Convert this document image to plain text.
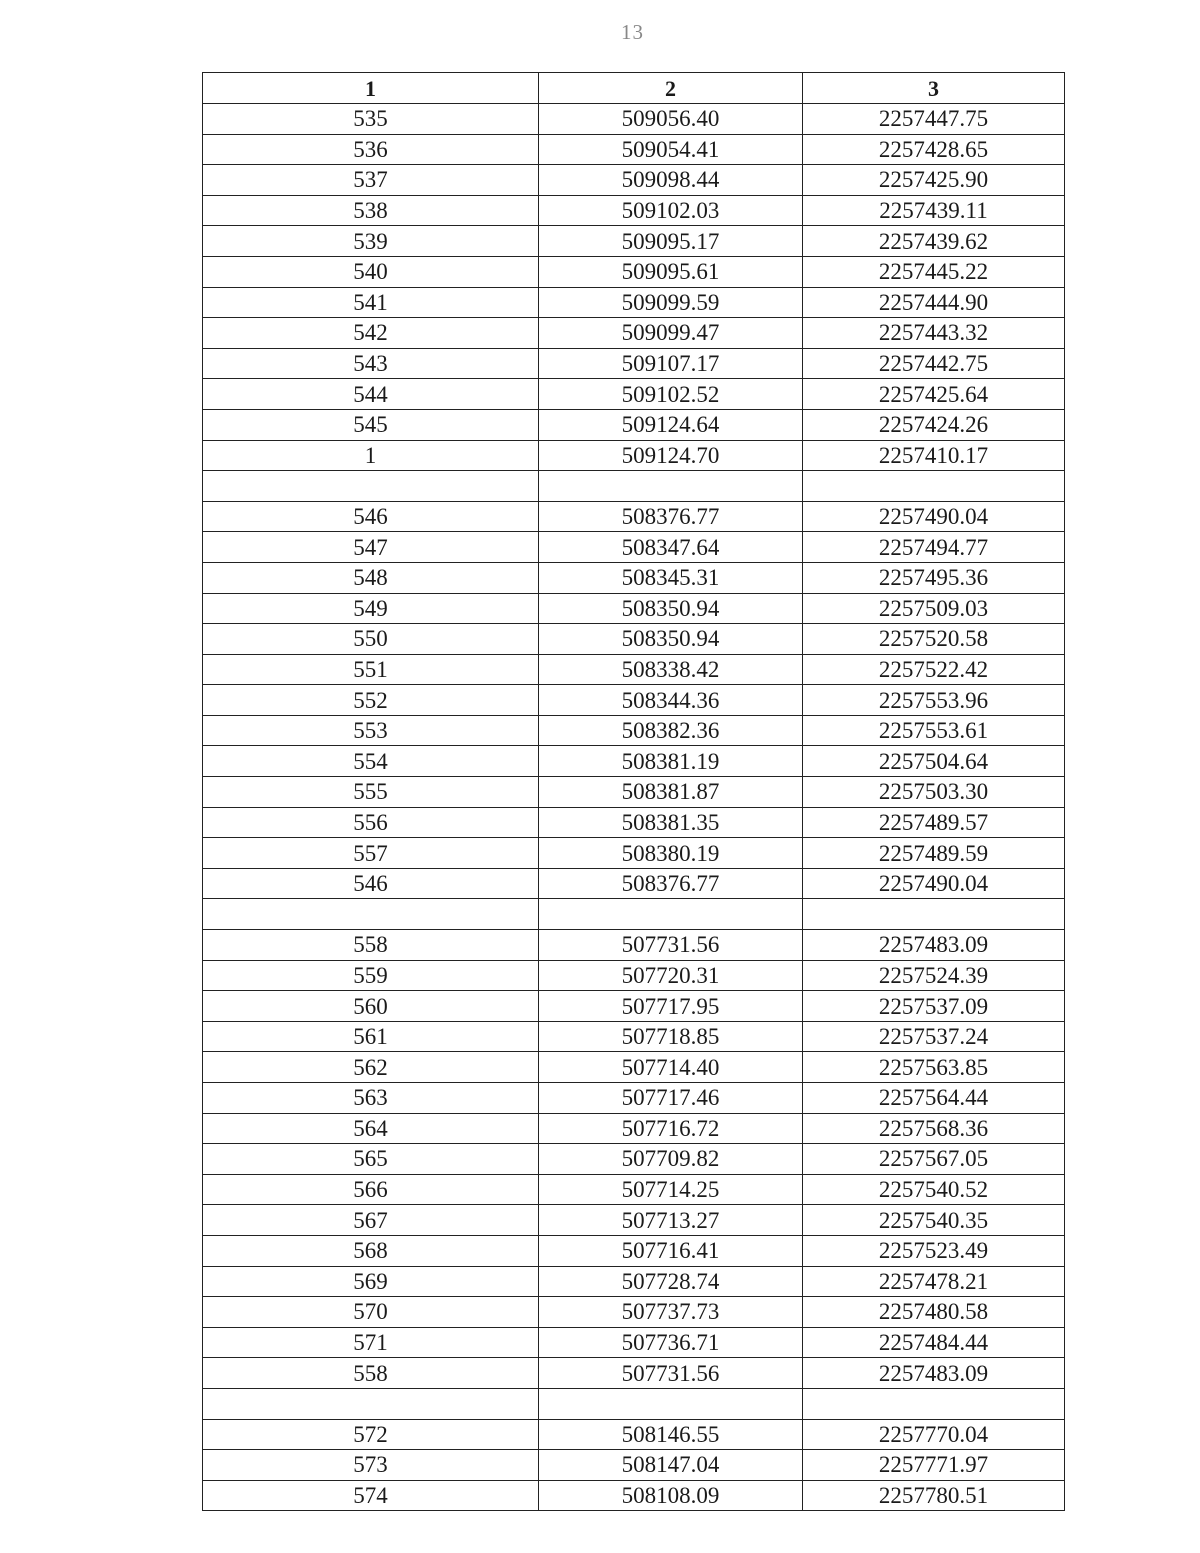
13
1	2	3
535	509056.40	2257447.75
536	509054.41	2257428.65
537	509098.44	2257425.90
538	509102.03	2257439.11
539	509095.17	2257439.62
540	509095.61	2257445.22
541	509099.59	2257444.90
542	509099.47	2257443.32
543	509107.17	2257442.75
544	509102.52	2257425.64
545	509124.64	2257424.26
1	509124.70	2257410.17

546	508376.77	2257490.04
547	508347.64	2257494.77
548	508345.31	2257495.36
549	508350.94	2257509.03
550	508350.94	2257520.58
551	508338.42	2257522.42
552	508344.36	2257553.96
553	508382.36	2257553.61
554	508381.19	2257504.64
555	508381.87	2257503.30
556	508381.35	2257489.57
557	508380.19	2257489.59
546	508376.77	2257490.04

558	507731.56	2257483.09
559	507720.31	2257524.39
560	507717.95	2257537.09
561	507718.85	2257537.24
562	507714.40	2257563.85
563	507717.46	2257564.44
564	507716.72	2257568.36
565	507709.82	2257567.05
566	507714.25	2257540.52
567	507713.27	2257540.35
568	507716.41	2257523.49
569	507728.74	2257478.21
570	507737.73	2257480.58
571	507736.71	2257484.44
558	507731.56	2257483.09

572	508146.55	2257770.04
573	508147.04	2257771.97
574	508108.09	2257780.51
